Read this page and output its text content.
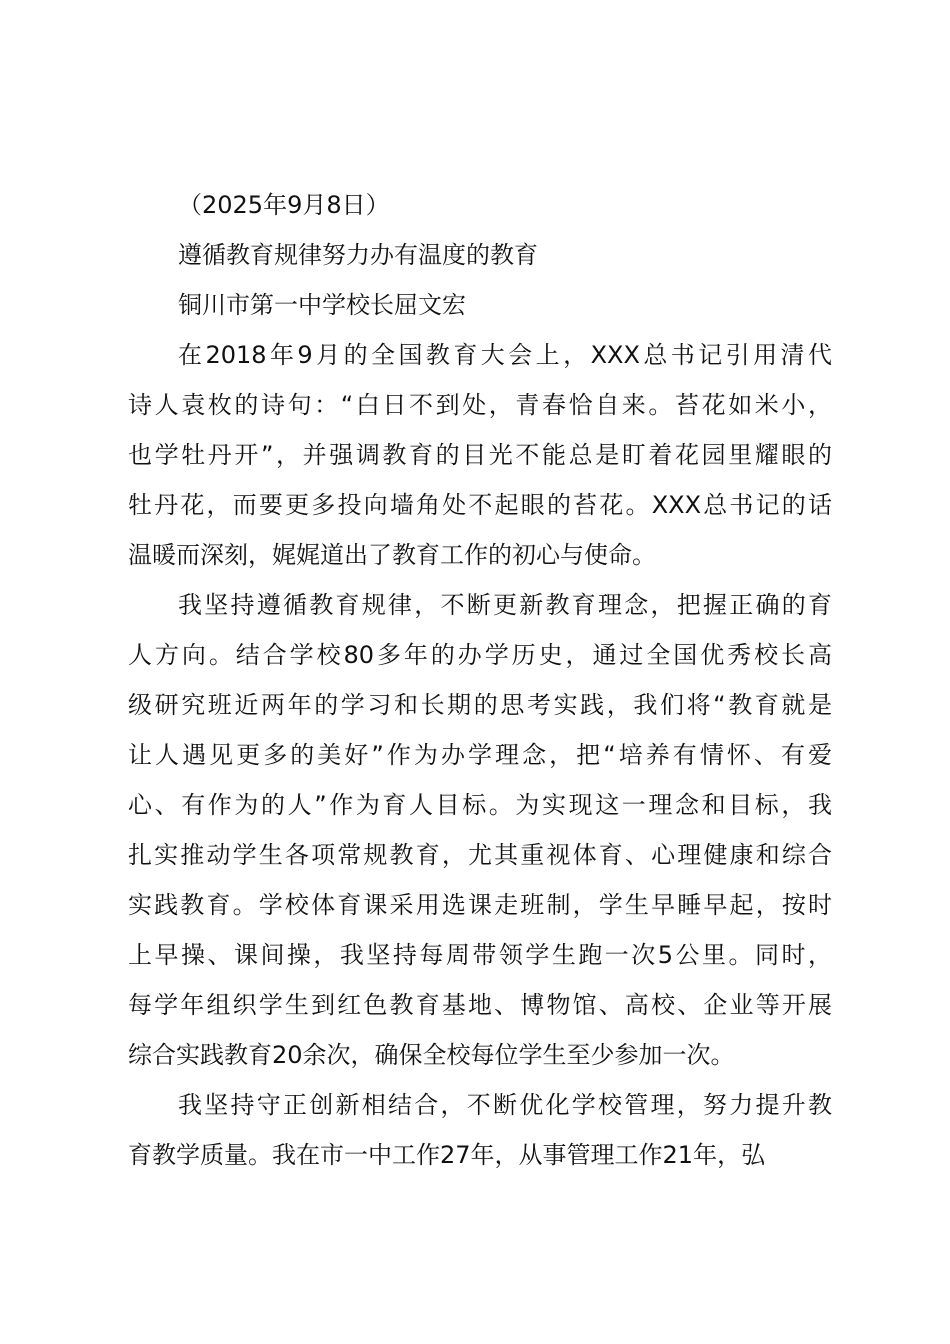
（2025年9月8日）
遵循教育规律努力办有温度的教育
铜川市第一中学校长屈文宏
在2018年9月的全国教育大会上，XXX总书记引用清代
诗人袁枚的诗句：“白日不到处，青春恰自来。苔花如米小，
也学牡丹开”，并强调教育的目光不能总是盯着花园里耀眼的
牡丹花，而要更多投向墙角处不起眼的苔花。XXX总书记的话
温暖而深刻，娓娓道出了教育工作的初心与使命。
我坚持遵循教育规律，不断更新教育理念，把握正确的育
人方向。结合学校80多年的办学历史，通过全国优秀校长高
级研究班近两年的学习和长期的思考实践，我们将“教育就是
让人遇见更多的美好”作为办学理念，把“培养有情怀、有爱
心、有作为的人”作为育人目标。为实现这一理念和目标，我
扎实推动学生各项常规教育，尤其重视体育、心理健康和综合
实践教育。学校体育课采用选课走班制，学生早睡早起，按时
上早操、课间操，我坚持每周带领学生跑一次5公里。同时，
每学年组织学生到红色教育基地、博物馆、高校、企业等开展
综合实践教育20余次，确保全校每位学生至少参加一次。
我坚持守正创新相结合，不断优化学校管理，努力提升教
育教学质量。我在市一中工作27年，从事管理工作21年，弘
